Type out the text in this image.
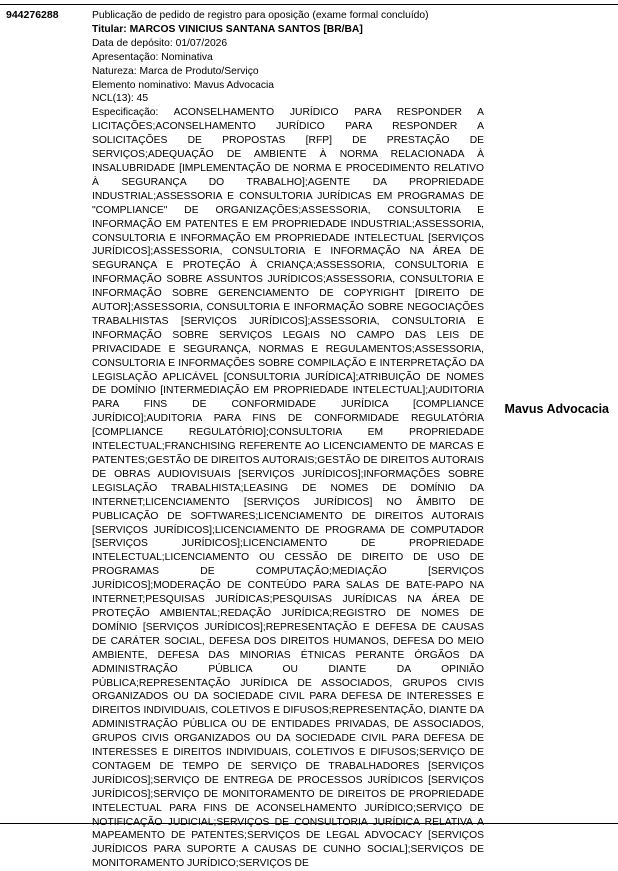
944276288	Publicação de pedido de registro para oposição (exame formal concluído)
Titular: MARCOS VINICIUS SANTANA SANTOS [BR/BA]
Data de depósito: 01/07/2026
Apresentação: Nominativa
Natureza: Marca de Produto/Serviço
Elemento nominativo: Mavus Advocacia
NCL(13): 45
Especificação: ACONSELHAMENTO JURÍDICO PARA RESPONDER A LICITAÇÕES;ACONSELHAMENTO JURÍDICO PARA RESPONDER A SOLICITAÇÕES DE PROPOSTAS [RFP] DE PRESTAÇÃO DE SERVIÇOS;ADEQUAÇÃO DE AMBIENTE À NORMA RELACIONADA À INSALUBRIDADE [IMPLEMENTAÇÃO DE NORMA E PROCEDIMENTO RELATIVO À SEGURANÇA DO TRABALHO];AGENTE DA PROPRIEDADE INDUSTRIAL;ASSESSORIA E CONSULTORIA JURÍDICAS EM PROGRAMAS DE "COMPLIANCE" DE ORGANIZAÇÕES;ASSESSORIA, CONSULTORIA E INFORMAÇÃO EM PATENTES E EM PROPRIEDADE INDUSTRIAL;ASSESSORIA, CONSULTORIA E INFORMAÇÃO EM PROPRIEDADE INTELECTUAL [SERVIÇOS JURÍDICOS];ASSESSORIA, CONSULTORIA E INFORMAÇÃO NA ÁREA DE SEGURANÇA E PROTEÇÃO À CRIANÇA;ASSESSORIA, CONSULTORIA E INFORMAÇÃO SOBRE ASSUNTOS JURÍDICOS;ASSESSORIA, CONSULTORIA E INFORMAÇÃO SOBRE GERENCIAMENTO DE COPYRIGHT [DIREITO DE AUTOR];ASSESSORIA, CONSULTORIA E INFORMAÇÃO SOBRE NEGOCIAÇÕES TRABALHISTAS [SERVIÇOS JURÍDICOS];ASSESSORIA, CONSULTORIA E INFORMAÇÃO SOBRE SERVIÇOS LEGAIS NO CAMPO DAS LEIS DE PRIVACIDADE E SEGURANÇA, NORMAS E REGULAMENTOS;ASSESSORIA, CONSULTORIA E INFORMAÇÕES SOBRE COMPILAÇÃO E INTERPRETAÇÃO DA LEGISLAÇÃO APLICÁVEL [CONSULTORIA JURÍDICA];ATRIBUIÇÃO DE NOMES DE DOMÍNIO [INTERMEDIAÇÃO EM PROPRIEDADE INTELECTUAL];AUDITORIA PARA FINS DE CONFORMIDADE JURÍDICA [COMPLIANCE JURÍDICO];AUDITORIA PARA FINS DE CONFORMIDADE REGULATÓRIA [COMPLIANCE REGULATÓRIO];CONSULTORIA EM PROPRIEDADE INTELECTUAL;FRANCHISING REFERENTE AO LICENCIAMENTO DE MARCAS E PATENTES;GESTÃO DE DIREITOS AUTORAIS;GESTÃO DE DIREITOS AUTORAIS DE OBRAS AUDIOVISUAIS [SERVIÇOS JURÍDICOS];INFORMAÇÕES SOBRE LEGISLAÇÃO TRABALHISTA;LEASING DE NOMES DE DOMÍNIO DA INTERNET;LICENCIAMENTO [SERVIÇOS JURÍDICOS] NO ÂMBITO DE PUBLICAÇÃO DE SOFTWARES;LICENCIAMENTO DE DIREITOS AUTORAIS [SERVIÇOS JURÍDICOS];LICENCIAMENTO DE PROGRAMA DE COMPUTADOR [SERVIÇOS JURÍDICOS];LICENCIAMENTO DE PROPRIEDADE INTELECTUAL;LICENCIAMENTO OU CESSÃO DE DIREITO DE USO DE PROGRAMAS DE COMPUTAÇÃO;MEDIAÇÃO [SERVIÇOS JURÍDICOS];MODERAÇÃO DE CONTEÚDO PARA SALAS DE BATE-PAPO NA INTERNET;PESQUISAS JURÍDICAS;PESQUISAS JURÍDICAS NA ÁREA DE PROTEÇÃO AMBIENTAL;REDAÇÃO JURÍDICA;REGISTRO DE NOMES DE DOMÍNIO [SERVIÇOS JURÍDICOS];REPRESENTAÇÃO E DEFESA DE CAUSAS DE CARÁTER SOCIAL, DEFESA DOS DIREITOS HUMANOS, DEFESA DO MEIO AMBIENTE, DEFESA DAS MINORIAS ÉTNICAS PERANTE ÓRGÃOS DA ADMINISTRAÇÃO PÚBLICA OU DIANTE DA OPINIÃO PÚBLICA;REPRESENTAÇÃO JURÍDICA DE ASSOCIADOS, GRUPOS CIVIS ORGANIZADOS OU DA SOCIEDADE CIVIL PARA DEFESA DE INTERESSES E DIREITOS INDIVIDUAIS, COLETIVOS E DIFUSOS;REPRESENTAÇÃO, DIANTE DA ADMINISTRAÇÃO PÚBLICA OU DE ENTIDADES PRIVADAS, DE ASSOCIADOS, GRUPOS CIVIS ORGANIZADOS OU DA SOCIEDADE CIVIL PARA DEFESA DE INTERESSES E DIREITOS INDIVIDUAIS, COLETIVOS E DIFUSOS;SERVIÇO DE CONTAGEM DE TEMPO DE SERVIÇO DE TRABALHADORES [SERVIÇOS JURÍDICOS];SERVIÇO DE ENTREGA DE PROCESSOS JURÍDICOS [SERVIÇOS JURÍDICOS];SERVIÇO DE MONITORAMENTO DE DIREITOS DE PROPRIEDADE INTELECTUAL PARA FINS DE ACONSELHAMENTO JURÍDICO;SERVIÇO DE MAPEAMENTO DE PATENTES;SERVIÇOS DE LEGAL ADVOCACY [SERVIÇOS JURÍDICOS PARA SUPORTE A CAUSAS DE CUNHO SOCIAL];SERVIÇOS DE MONITORAMENTO JURÍDICO;SERVIÇOS DE
Mavus Advocacia
